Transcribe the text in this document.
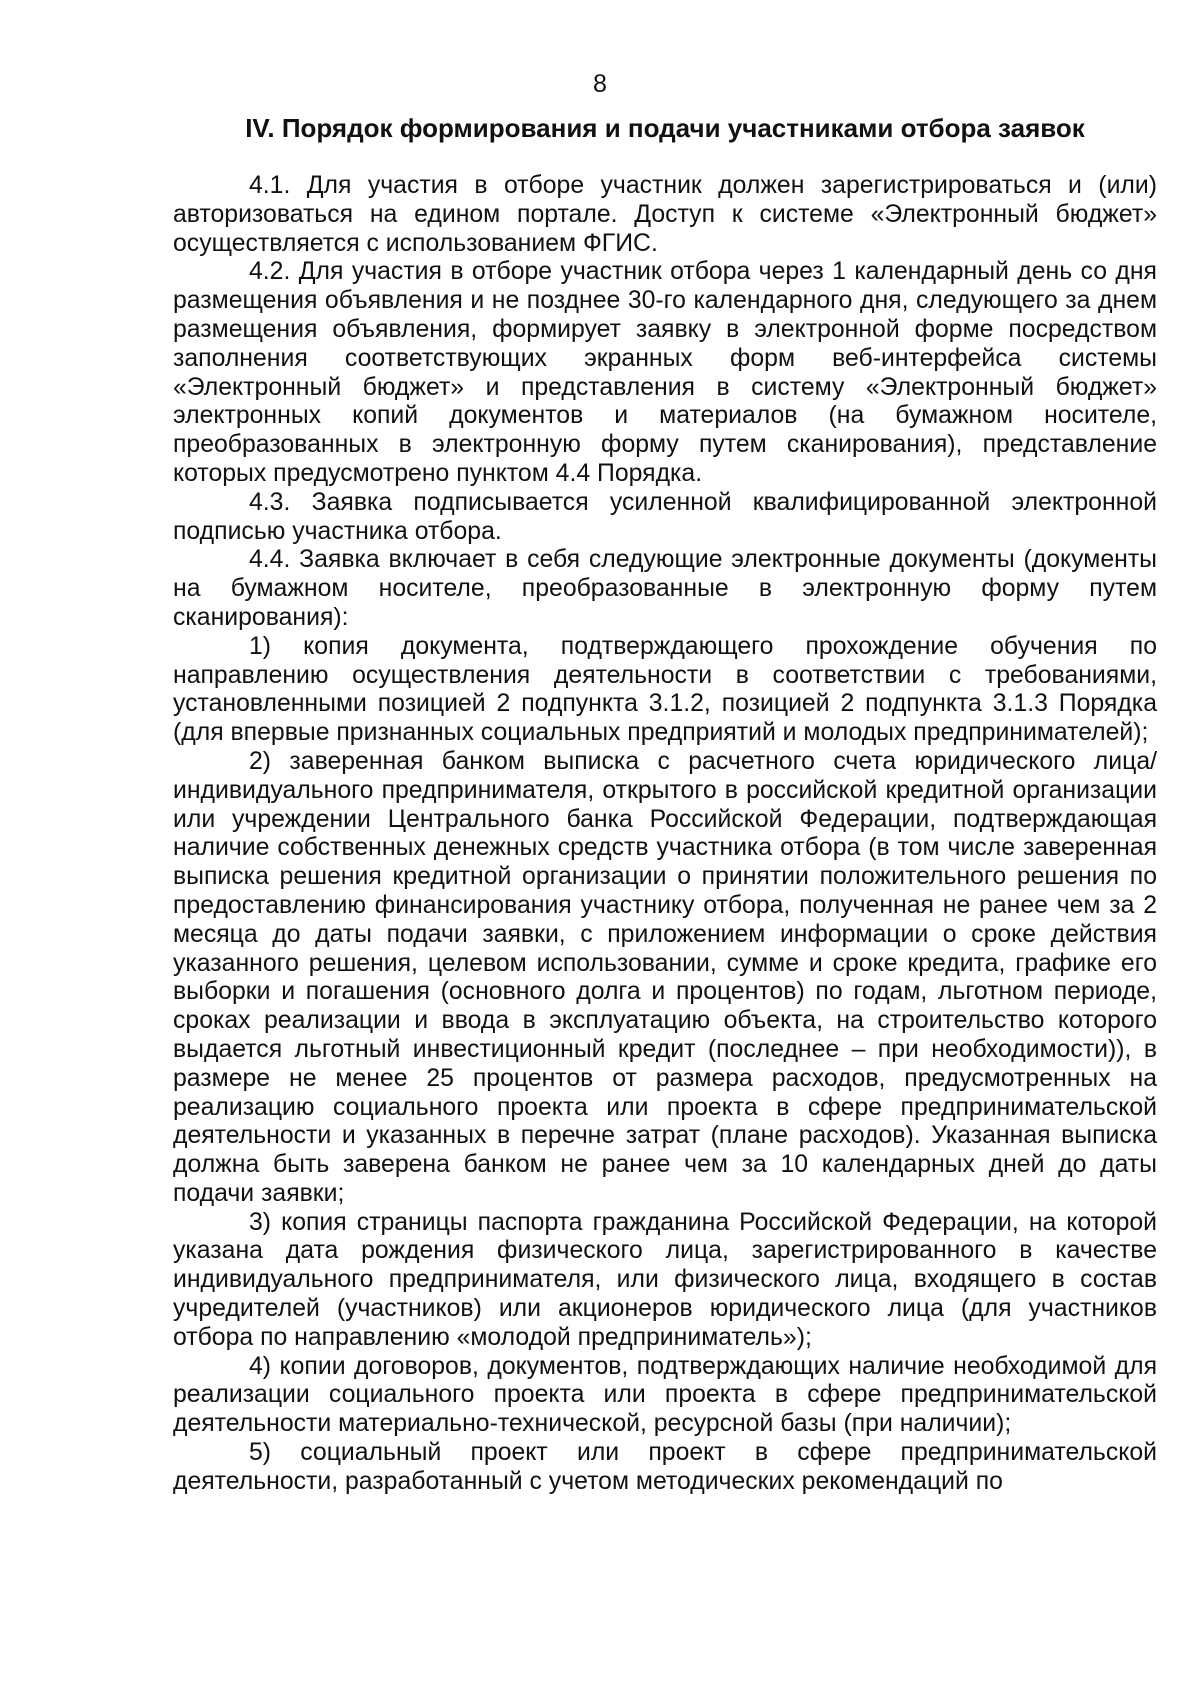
8
IV. Порядок формирования и подачи участниками отбора заявок

4.1. Для участия в отборе участник должен зарегистрироваться и (или) авторизоваться на едином портале. Доступ к системе «Электронный бюджет» осуществляется с использованием ФГИС.

4.2. Для участия в отборе участник отбора через 1 календарный день со дня размещения объявления и не позднее 30-го календарного дня, следующего за днем размещения объявления, формирует заявку в электронной форме посредством заполнения соответствующих экранных форм веб-интерфейса системы «Электронный бюджет» и представления в систему «Электронный бюджет» электронных копий документов и материалов (на бумажном носителе, преобразованных в электронную форму путем сканирования), представление которых предусмотрено пунктом 4.4 Порядка.

4.3. Заявка подписывается усиленной квалифицированной электронной подписью участника отбора.

4.4. Заявка включает в себя следующие электронные документы (документы на бумажном носителе, преобразованные в электронную форму путем сканирования):

1) копия документа, подтверждающего прохождение обучения по направлению осуществления деятельности в соответствии с требованиями, установленными позицией 2 подпункта 3.1.2, позицией 2 подпункта 3.1.3 Порядка (для впервые признанных социальных предприятий и молодых предпринимателей);

2) заверенная банком выписка с расчетного счета юридического лица/индивидуального предпринимателя, открытого в российской кредитной организации или учреждении Центрального банка Российской Федерации, подтверждающая наличие собственных денежных средств участника отбора (в том числе заверенная выписка решения кредитной организации о принятии положительного решения по предоставлению финансирования участнику отбора, полученная не ранее чем за 2 месяца до даты подачи заявки, с приложением информации о сроке действия указанного решения, целевом использовании, сумме и сроке кредита, графике его выборки и погашения (основного долга и процентов) по годам, льготном периоде, сроках реализации и ввода в эксплуатацию объекта, на строительство которого выдается льготный инвестиционный кредит (последнее – при необходимости)), в размере не менее 25 процентов от размера расходов, предусмотренных на реализацию социального проекта или проекта в сфере предпринимательской деятельности и указанных в перечне затрат (плане расходов). Указанная выписка должна быть заверена банком не ранее чем за 10 календарных дней до даты подачи заявки;

3) копия страницы паспорта гражданина Российской Федерации, на которой указана дата рождения физического лица, зарегистрированного в качестве индивидуального предпринимателя, или физического лица, входящего в состав учредителей (участников) или акционеров юридического лица (для участников отбора по направлению «молодой предприниматель»);

4) копии договоров, документов, подтверждающих наличие необходимой для реализации социального проекта или проекта в сфере предпринимательской деятельности материально-технической, ресурсной базы (при наличии);

5) социальный проект или проект в сфере предпринимательской деятельности, разработанный с учетом методических рекомендаций по
